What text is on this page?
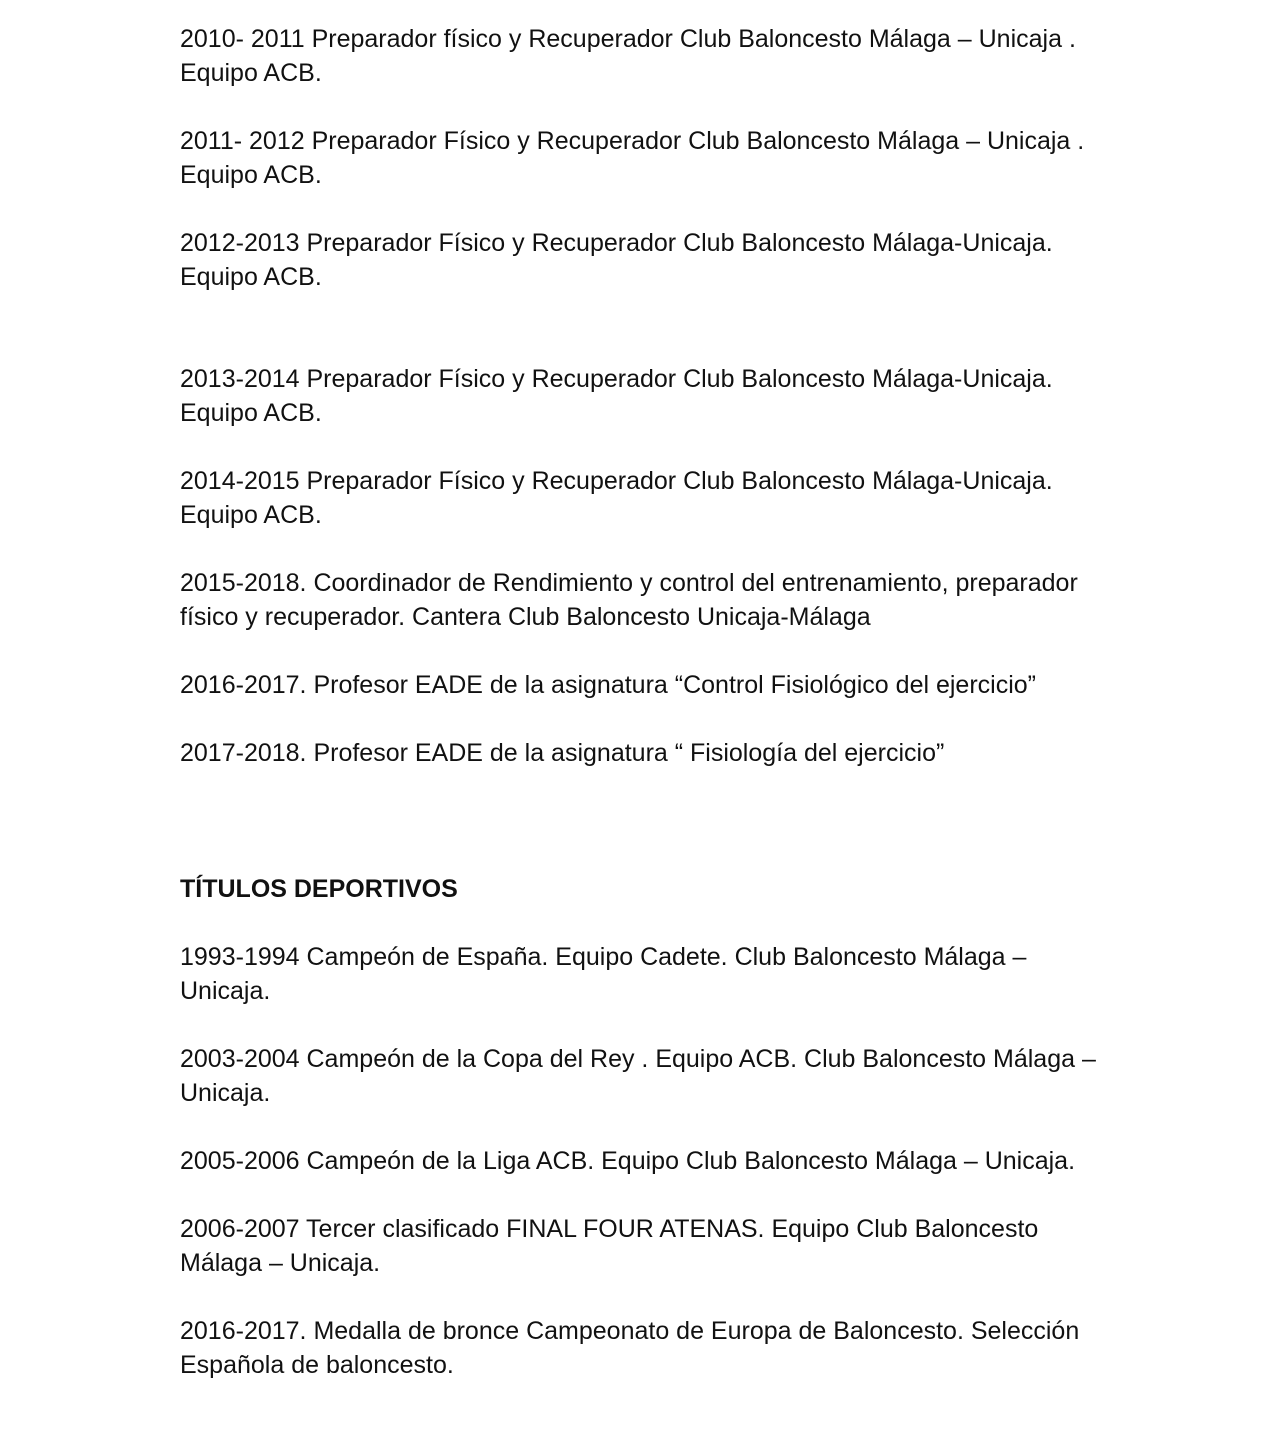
2010- 2011 Preparador físico y Recuperador Club Baloncesto Málaga – Unicaja . Equipo ACB.

2011- 2012 Preparador Físico y Recuperador Club Baloncesto Málaga – Unicaja . Equipo ACB.

2012-2013 Preparador Físico y Recuperador Club Baloncesto Málaga-Unicaja. Equipo ACB.

2013-2014 Preparador Físico y Recuperador Club Baloncesto Málaga-Unicaja. Equipo ACB.

2014-2015 Preparador Físico y Recuperador Club Baloncesto Málaga-Unicaja. Equipo ACB.

2015-2018. Coordinador de Rendimiento y control del entrenamiento, preparador físico y recuperador. Cantera Club Baloncesto Unicaja-Málaga

2016-2017. Profesor EADE de la asignatura “Control Fisiológico del ejercicio”

2017-2018. Profesor EADE de la asignatura “ Fisiología del ejercicio”

TÍTULOS DEPORTIVOS

1993-1994 Campeón de España. Equipo Cadete. Club Baloncesto Málaga – Unicaja.

2003-2004 Campeón de la Copa del Rey . Equipo ACB. Club Baloncesto Málaga – Unicaja.

2005-2006 Campeón de la Liga ACB. Equipo Club Baloncesto Málaga – Unicaja.

2006-2007 Tercer clasificado FINAL FOUR ATENAS. Equipo Club Baloncesto Málaga – Unicaja.

2016-2017. Medalla de bronce Campeonato de Europa de Baloncesto. Selección Española de baloncesto.
